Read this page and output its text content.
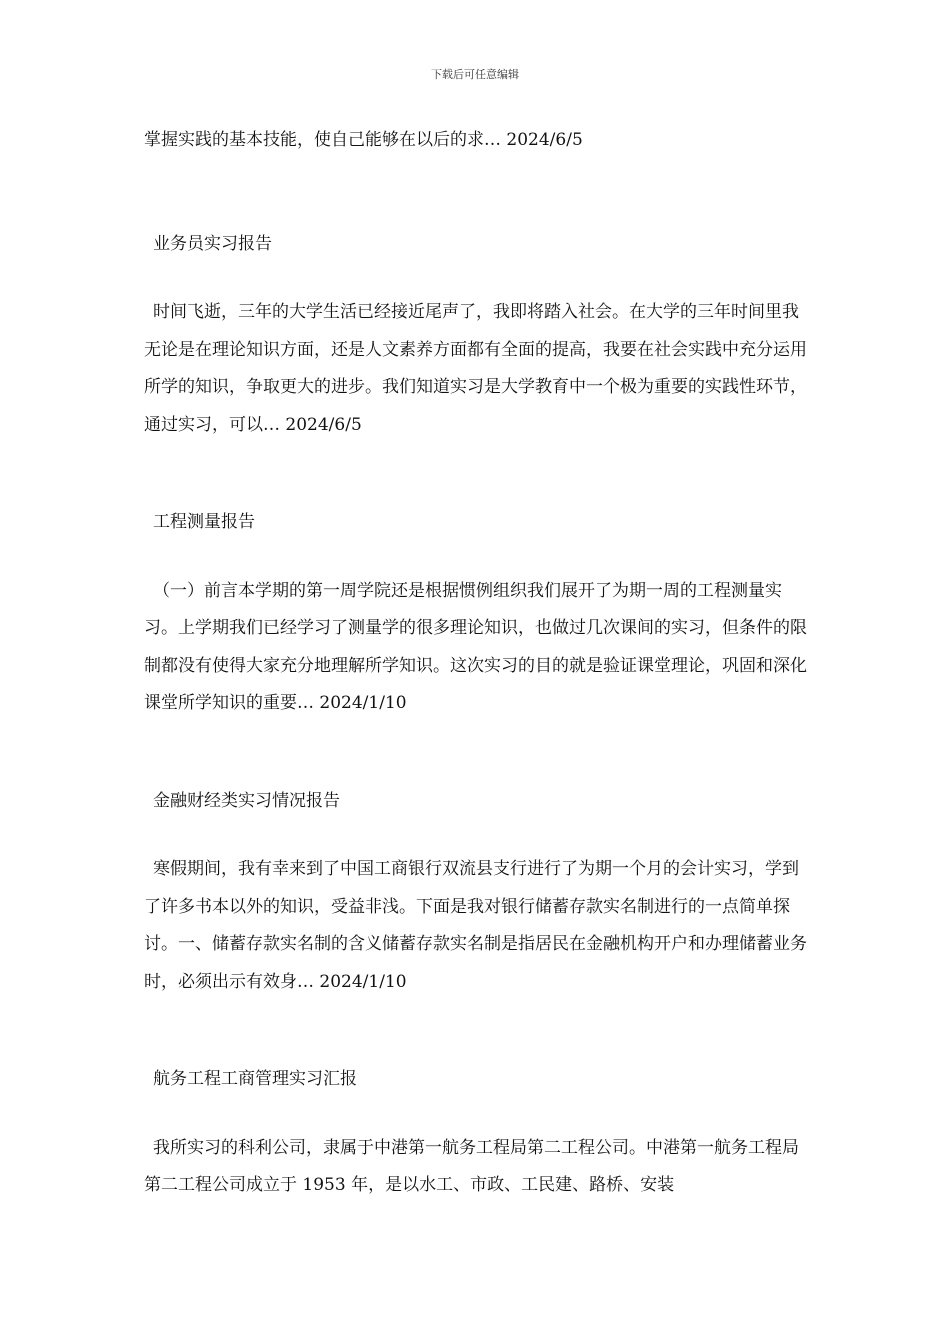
下载后可任意编辑

掌握实践的基本技能，使自己能够在以后的求… 2024/6/5

业务员实习报告

时间飞逝，三年的大学生活已经接近尾声了，我即将踏入社会。在大学的三年时间里我无论是在理论知识方面，还是人文素养方面都有全面的提高，我要在社会实践中充分运用所学的知识，争取更大的进步。我们知道实习是大学教育中一个极为重要的实践性环节，通过实习，可以… 2024/6/5

工程测量报告

（一）前言本学期的第一周学院还是根据惯例组织我们展开了为期一周的工程测量实习。上学期我们已经学习了测量学的很多理论知识，也做过几次课间的实习，但条件的限制都没有使得大家充分地理解所学知识。这次实习的目的就是验证课堂理论，巩固和深化课堂所学知识的重要… 2024/1/10

金融财经类实习情况报告

寒假期间，我有幸来到了中国工商银行双流县支行进行了为期一个月的会计实习，学到了许多书本以外的知识，受益非浅。下面是我对银行储蓄存款实名制进行的一点简单探讨。一、储蓄存款实名制的含义储蓄存款实名制是指居民在金融机构开户和办理储蓄业务时，必须出示有效身… 2024/1/10

航务工程工商管理实习汇报

我所实习的科利公司，隶属于中港第一航务工程局第二工程公司。中港第一航务工程局第二工程公司成立于 1953 年，是以水工、市政、工民建、路桥、安装
